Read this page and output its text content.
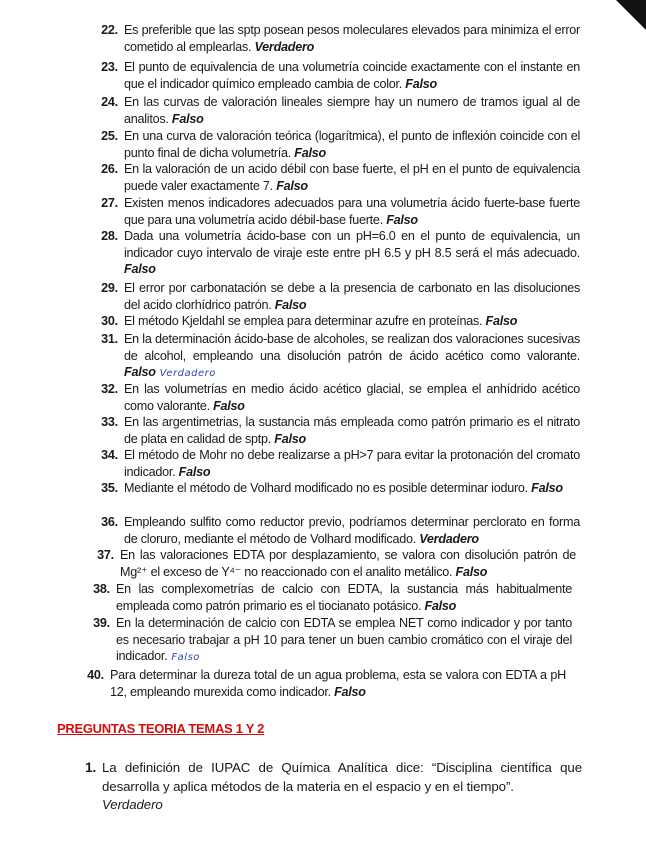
22. Es preferible que las sptp posean pesos moleculares elevados para minimiza el error cometido al emplearlas. Verdadero
23. El punto de equivalencia de una volumetría coincide exactamente con el instante en que el indicador químico empleado cambia de color. Falso
24. En las curvas de valoración lineales siempre hay un numero de tramos igual al de analitos. Falso
25. En una curva de valoración teórica (logarítmica), el punto de inflexión coincide con el punto final de dicha volumetría. Falso
26. En la valoración de un acido débil con base fuerte, el pH en el punto de equivalencia puede valer exactamente 7. Falso
27. Existen menos indicadores adecuados para una volumetría ácido fuerte-base fuerte que para una volumetría acido débil-base fuerte. Falso
28. Dada una volumetría ácido-base con un pH=6.0 en el punto de equivalencia, un indicador cuyo intervalo de viraje este entre pH 6.5 y pH 8.5 será el más adecuado. Falso
29. El error por carbonatación se debe a la presencia de carbonato en las disoluciones del acido clorhídrico patrón. Falso
30. El método Kjeldahl se emplea para determinar azufre en proteínas. Falso
31. En la determinación ácido-base de alcoholes, se realizan dos valoraciones sucesivas de alcohol, empleando una disolución patrón de ácido acético como valorante. Falso Verdadero
32. En las volumetrías en medio ácido acético glacial, se emplea el anhídrido acético como valorante. Falso
33. En las argentimetrias, la sustancia más empleada como patrón primario es el nitrato de plata en calidad de sptp. Falso
34. El método de Mohr no debe realizarse a pH>7 para evitar la protonación del cromato indicador. Falso
35. Mediante el método de Volhard modificado no es posible determinar ioduro. Falso
36. Empleando sulfito como reductor previo, podríamos determinar perclorato en forma de cloruro, mediante el método de Volhard modificado. Verdadero
37. En las valoraciones EDTA por desplazamiento, se valora con disolución patrón de Mg²⁺ el exceso de Y⁴⁻ no reaccionado con el analito metálico. Falso
38. En las complexometrías de calcio con EDTA, la sustancia más habitualmente empleada como patrón primario es el tiocianato potásico. Falso
39. En la determinación de calcio con EDTA se emplea NET como indicador y por tanto es necesario trabajar a pH 10 para tener un buen cambio cromático con el viraje del indicador. Falso
40. Para determinar la dureza total de un agua problema, esta se valora con EDTA a pH 12, empleando murexida como indicador. Falso
PREGUNTAS TEORIA TEMAS 1 Y 2
1. La definición de IUPAC de Química Analítica dice: “Disciplina científica que desarrolla y aplica métodos de la materia en el espacio y en el tiempo”.
Verdadero
